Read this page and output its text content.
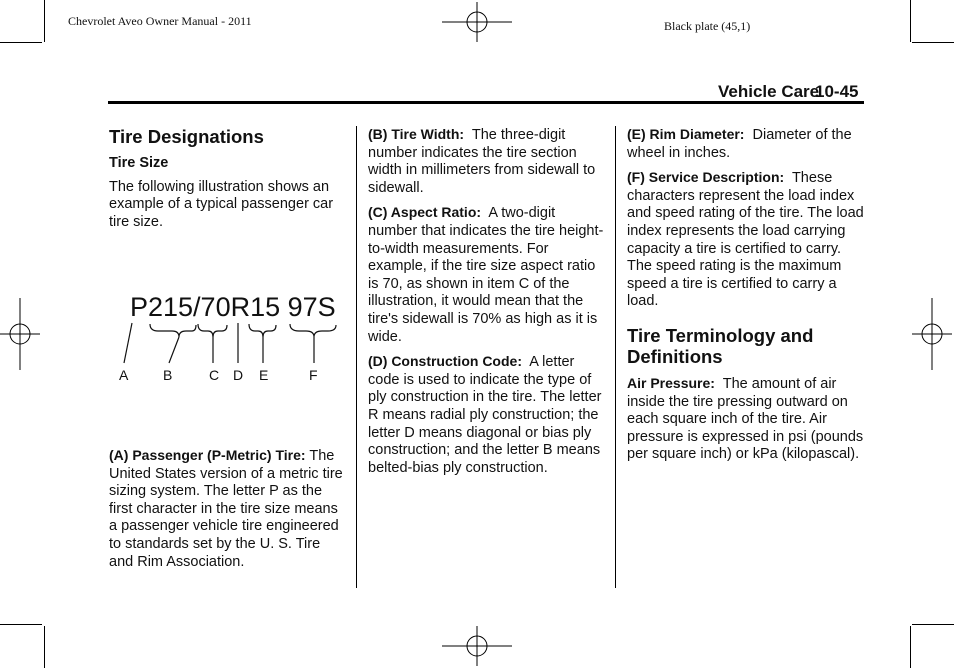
Chevrolet Aveo Owner Manual - 2011	Black plate (45,1)
Vehicle Care
10-45
Tire Designations
Tire Size

The following illustration shows an example of a typical passenger car tire size.

P215/70R15 97S
A B	C D E	F

(A) Passenger (P-Metric) Tire: The United States version of a metric tire sizing system. The letter P as the first character in the tire size means a passenger vehicle tire engineered to standards set by the U. S. Tire and Rim Association.

(B) Tire Width: The three-digit number indicates the tire section width in millimeters from sidewall to sidewall.

(C) Aspect Ratio: A two-digit number that indicates the tire height-to-width measurements. For example, if the tire size aspect ratio is 70, as shown in item C of the illustration, it would mean that the tire's sidewall is 70% as high as it is wide.

(D) Construction Code: A letter code is used to indicate the type of ply construction in the tire. The letter R means radial ply construction; the letter D means diagonal or bias ply construction; and the letter B means belted-bias ply construction.

(E) Rim Diameter: Diameter of the wheel in inches.

(F) Service Description: These characters represent the load index and speed rating of the tire. The load index represents the load carrying capacity a tire is certified to carry. The speed rating is the maximum speed a tire is certified to carry a load.

Tire Terminology and Definitions

Air Pressure: The amount of air inside the tire pressing outward on each square inch of the tire. Air pressure is expressed in psi (pounds per square inch) or kPa (kilopascal).
